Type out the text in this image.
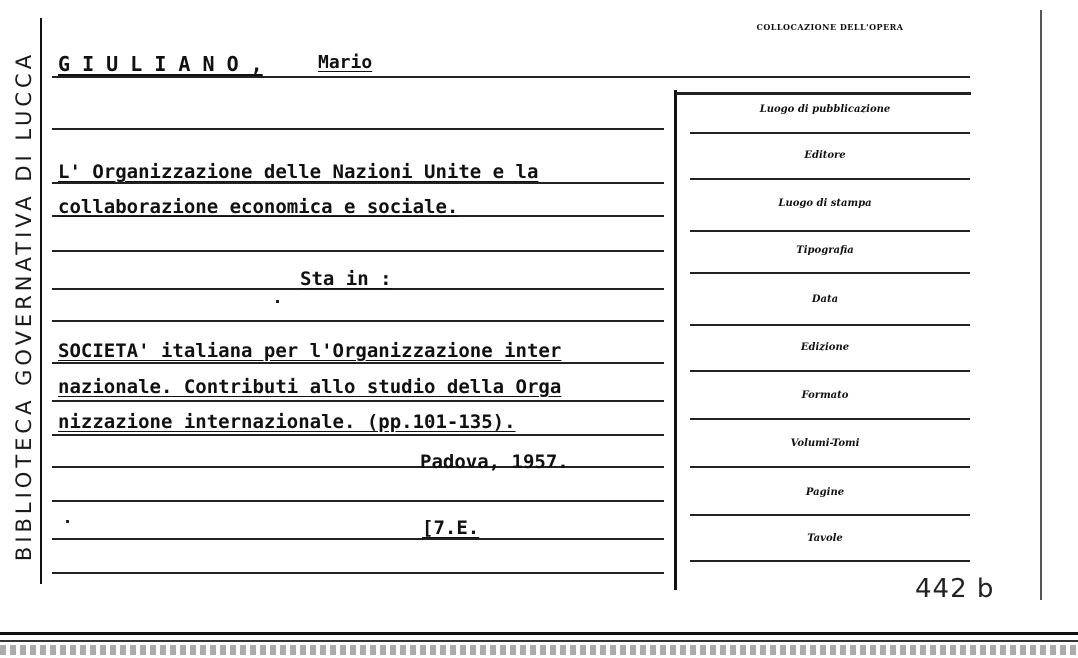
BIBLIOTECA GOVERNATIVA DI LUCCA
COLLOCAZIONE DELL'OPERA
G I U L I A N O ,	Mario
L' Organizzazione delle Nazioni Unite e la
collaborazione economica e sociale.
Sta in :
SOCIETA' italiana per l'Organizzazione inter
nazionale. Contributi allo studio della Orga
nizzazione internazionale. (pp.101-135).
Padova, 1957.
[7.E.
Luogo di pubblicazione
Editore
Luogo di stampa
Tipografia
Data
Edizione
Formato
Volumi-Tomi
Pagine
Tavole
442 b
